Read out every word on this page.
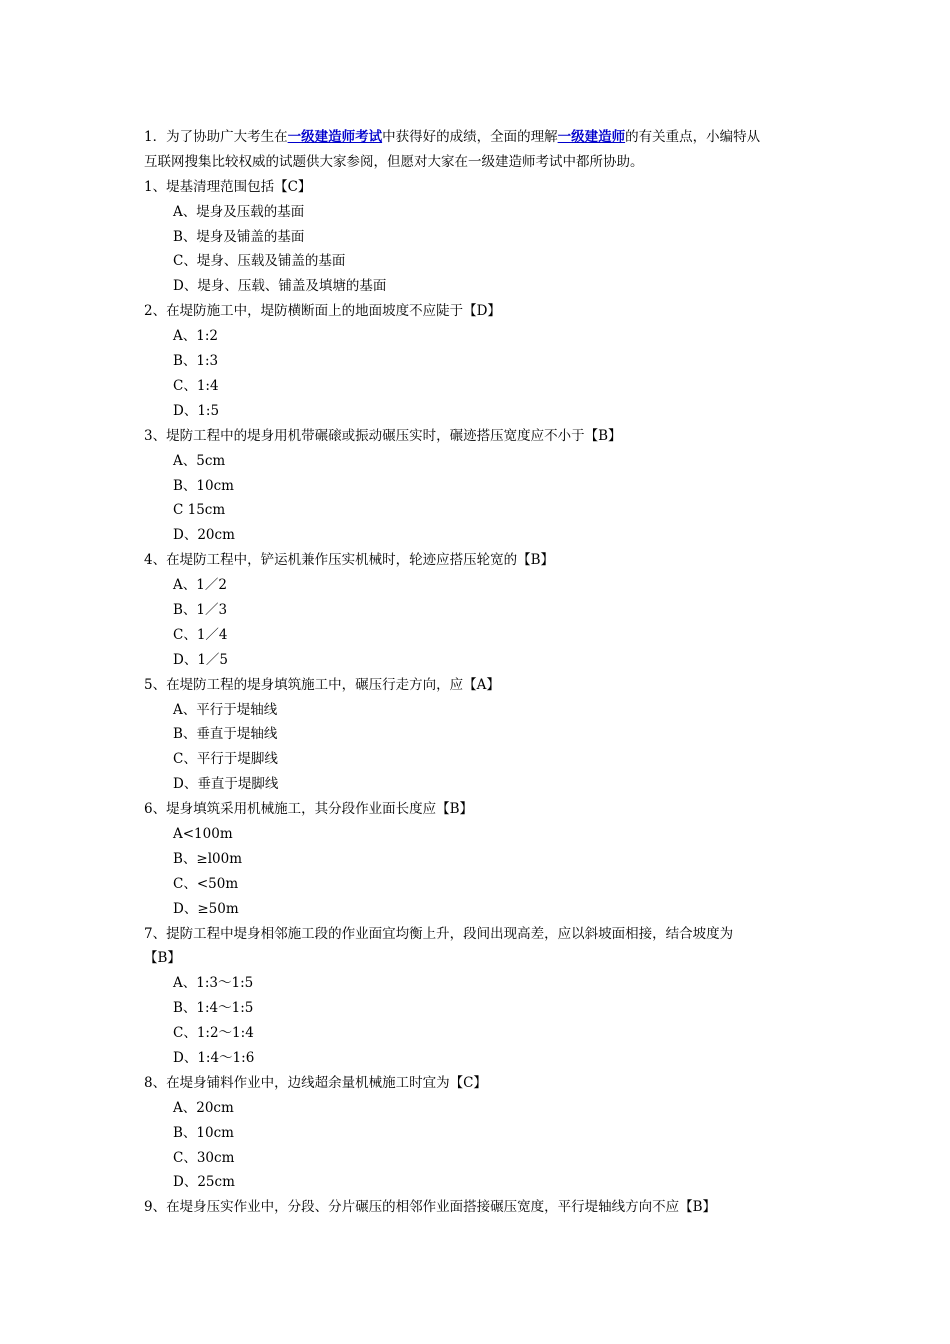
1．为了协助广大考生在一级建造师考试中获得好的成绩，全面的理解一级建造师的有关重点，小编特从
互联网搜集比较权威的试题供大家参阅，但愿对大家在一级建造师考试中都所协助。
1、堤基清理范围包括【C】
A、堤身及压载的基面
B、堤身及铺盖的基面
C、堤身、压载及铺盖的基面
D、堤身、压载、铺盖及填塘的基面
2、在堤防施工中，堤防横断面上的地面坡度不应陡于【D】
A、1:2
B、1:3
C、1:4
D、1:5
3、堤防工程中的堤身用机带碾磙或振动碾压实时，碾迹搭压宽度应不小于【B】
A、5cm
B、10cm
C 15cm
D、20cm
4、在堤防工程中，铲运机兼作压实机械时，轮迹应搭压轮宽的【B】
A、1／2
B、1／3
C、1／4
D、1／5
5、在堤防工程的堤身填筑施工中，碾压行走方向，应【A】
A、平行于堤轴线
B、垂直于堤轴线
C、平行于堤脚线
D、垂直于堤脚线
6、堤身填筑采用机械施工，其分段作业面长度应【B】
A<100m
B、≥l00m
C、<50m
D、≥50m
7、提防工程中堤身相邻施工段的作业面宜均衡上升，段间出现高差，应以斜坡面相接，结合坡度为
【B】
A、1:3～1:5
B、1:4～1:5
C、1:2～1:4
D、1:4～1:6
8、在堤身铺料作业中，边线超余量机械施工时宜为【C】
A、20cm
B、10cm
C、30cm
D、25cm
9、在堤身压实作业中，分段、分片碾压的相邻作业面搭接碾压宽度，平行堤轴线方向不应【B】
